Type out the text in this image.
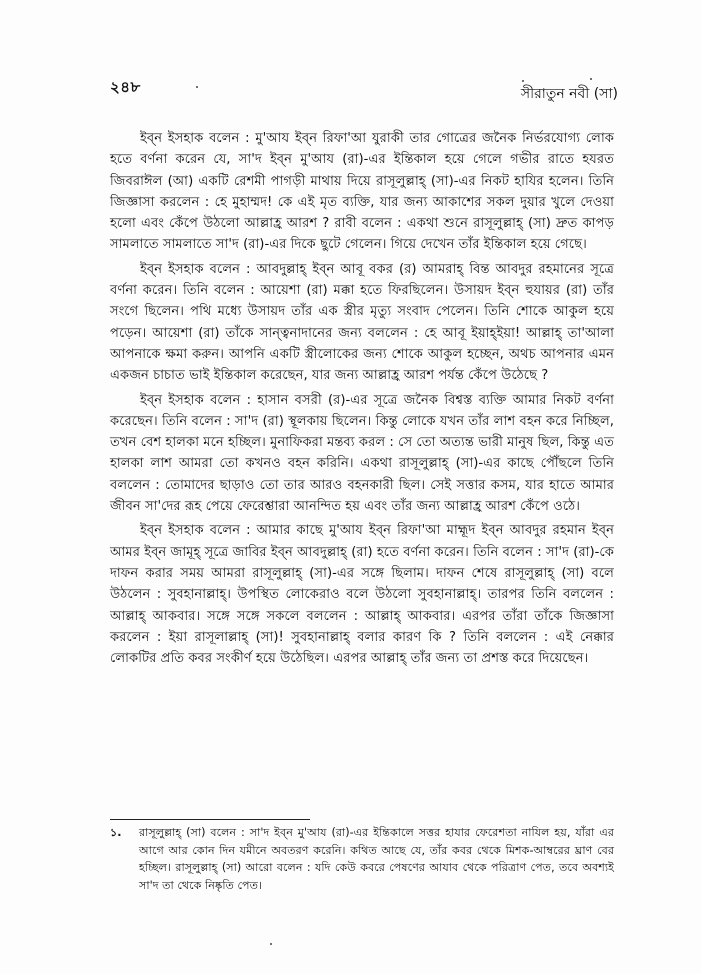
২৪৮	সীরাতুন নবী (সা)

ইব্ন ইসহাক বলেন : মু'আয ইব্ন রিফা'আ যুরাকী তার গোত্রের জনৈক নির্ভরযোগ্য লোক হতে বর্ণনা করেন যে, সা'দ ইব্ন মু'আয (রা)-এর ইন্তিকাল হয়ে গেলে গভীর রাতে হযরত জিবরাঈল (আ) একটি রেশমী পাগড়ী মাথায় দিয়ে রাসূলুল্লাহ্ (সা)-এর নিকট হাযির হলেন। তিনি জিজ্ঞাসা করলেন : হে মুহাম্মদ! কে এই মৃত ব্যক্তি, যার জন্য আকাশের সকল দুয়ার খুলে দেওয়া হলো এবং কেঁপে উঠলো আল্লাহ্র আরশ ? রাবী বলেন : একথা শুনে রাসূলুল্লাহ্ (সা) দ্রুত কাপড় সামলাতে সামলাতে সা'দ (রা)-এর দিকে ছুটে গেলেন। গিয়ে দেখেন তাঁর ইন্তিকাল হয়ে গেছে।

ইব্ন ইসহাক বলেন : আবদুল্লাহ্ ইব্ন আবূ বকর (র) আমরাহ্ বিন্ত আবদুর রহমানের সূত্রে বর্ণনা করেন। তিনি বলেন : আয়েশা (রা) মক্কা হতে ফিরছিলেন। উসায়দ ইব্ন হুযায়র (রা) তাঁর সংগে ছিলেন। পথি মধ্যে উসায়দ তাঁর এক স্ত্রীর মৃত্যু সংবাদ পেলেন। তিনি শোকে আকুল হয়ে পড়েন। আয়েশা (রা) তাঁকে সান্ত্বনাদানের জন্য বললেন : হে আবূ ইয়াহ্ইয়া! আল্লাহ্ তা'আলা আপনাকে ক্ষমা করুন। আপনি একটি স্ত্রীলোকের জন্য শোকে আকুল হচ্ছেন, অথচ আপনার এমন একজন চাচাত ভাই ইন্তিকাল করেছেন, যার জন্য আল্লাহ্র আরশ পর্যন্ত কেঁপে উঠেছে ?

ইব্ন ইসহাক বলেন : হাসান বসরী (র)-এর সূত্রে জনৈক বিশ্বস্ত ব্যক্তি আমার নিকট বর্ণনা করেছেন। তিনি বলেন : সা'দ (রা) স্থূলকায় ছিলেন। কিন্তু লোকে যখন তাঁর লাশ বহন করে নিচ্ছিল, তখন বেশ হালকা মনে হচ্ছিল। মুনাফিকরা মন্তব্য করল : সে তো অত্যন্ত ভারী মানুষ ছিল, কিন্তু এত হালকা লাশ আমরা তো কখনও বহন করিনি। একথা রাসূলুল্লাহ্ (সা)-এর কাছে পৌঁছলে তিনি বললেন : তোমাদের ছাড়াও তো তার আরও বহনকারী ছিল। সেই সত্তার কসম, যার হাতে আমার জীবন সা'দের রূহ পেয়ে ফেরেশ্তারা আনন্দিত হয় এবং তাঁর জন্য আল্লাহ্র আরশ কেঁপে ওঠে।

ইব্ন ইসহাক বলেন : আমার কাছে মু'আয ইব্ন রিফা'আ মাহ্মূদ ইব্ন আবদুর রহমান ইব্ন আমর ইব্ন জামূহ্ সূত্রে জাবির ইব্ন আবদুল্লাহ্ (রা) হতে বর্ণনা করেন। তিনি বলেন : সা'দ (রা)-কে দাফন করার সময় আমরা রাসূলুল্লাহ্ (সা)-এর সঙ্গে ছিলাম। দাফন শেষে রাসূলুল্লাহ্ (সা) বলে উঠলেন : সুবহানাল্লাহ্। উপস্থিত লোকেরাও বলে উঠলো সুবহানাল্লাহ্। তারপর তিনি বললেন : আল্লাহ্ আকবার। সঙ্গে সঙ্গে সকলে বললেন : আল্লাহ্ আকবার। এরপর তাঁরা তাঁকে জিজ্ঞাসা করলেন : ইয়া রাসূলাল্লাহ্ (সা)! সুবহানাল্লাহ্ বলার কারণ কি ? তিনি বললেন : এই নেক্কার লোকটির প্রতি কবর সংকীর্ণ হয়ে উঠেছিল। এরপর আল্লাহ্ তাঁর জন্য তা প্রশস্ত করে দিয়েছেন।

১.	রাসূলুল্লাহ্ (সা) বলেন : সা'দ ইব্ন মু'আয (রা)-এর ইন্তিকালে সত্তর হাযার ফেরেশতা নাযিল হয়, যাঁরা এর আগে আর কোন দিন যমীনে অবতরণ করেনি। কথিত আছে যে, তাঁর কবর থেকে মিশক-আম্বরের ঘ্রাণ বের হচ্ছিল। রাসূলুল্লাহ্ (সা) আরো বলেন : যদি কেউ কবরে পেষণের আযাব থেকে পরিত্রাণ পেত, তবে অবশ্যই সা'দ তা থেকে নিষ্কৃতি পেত।
